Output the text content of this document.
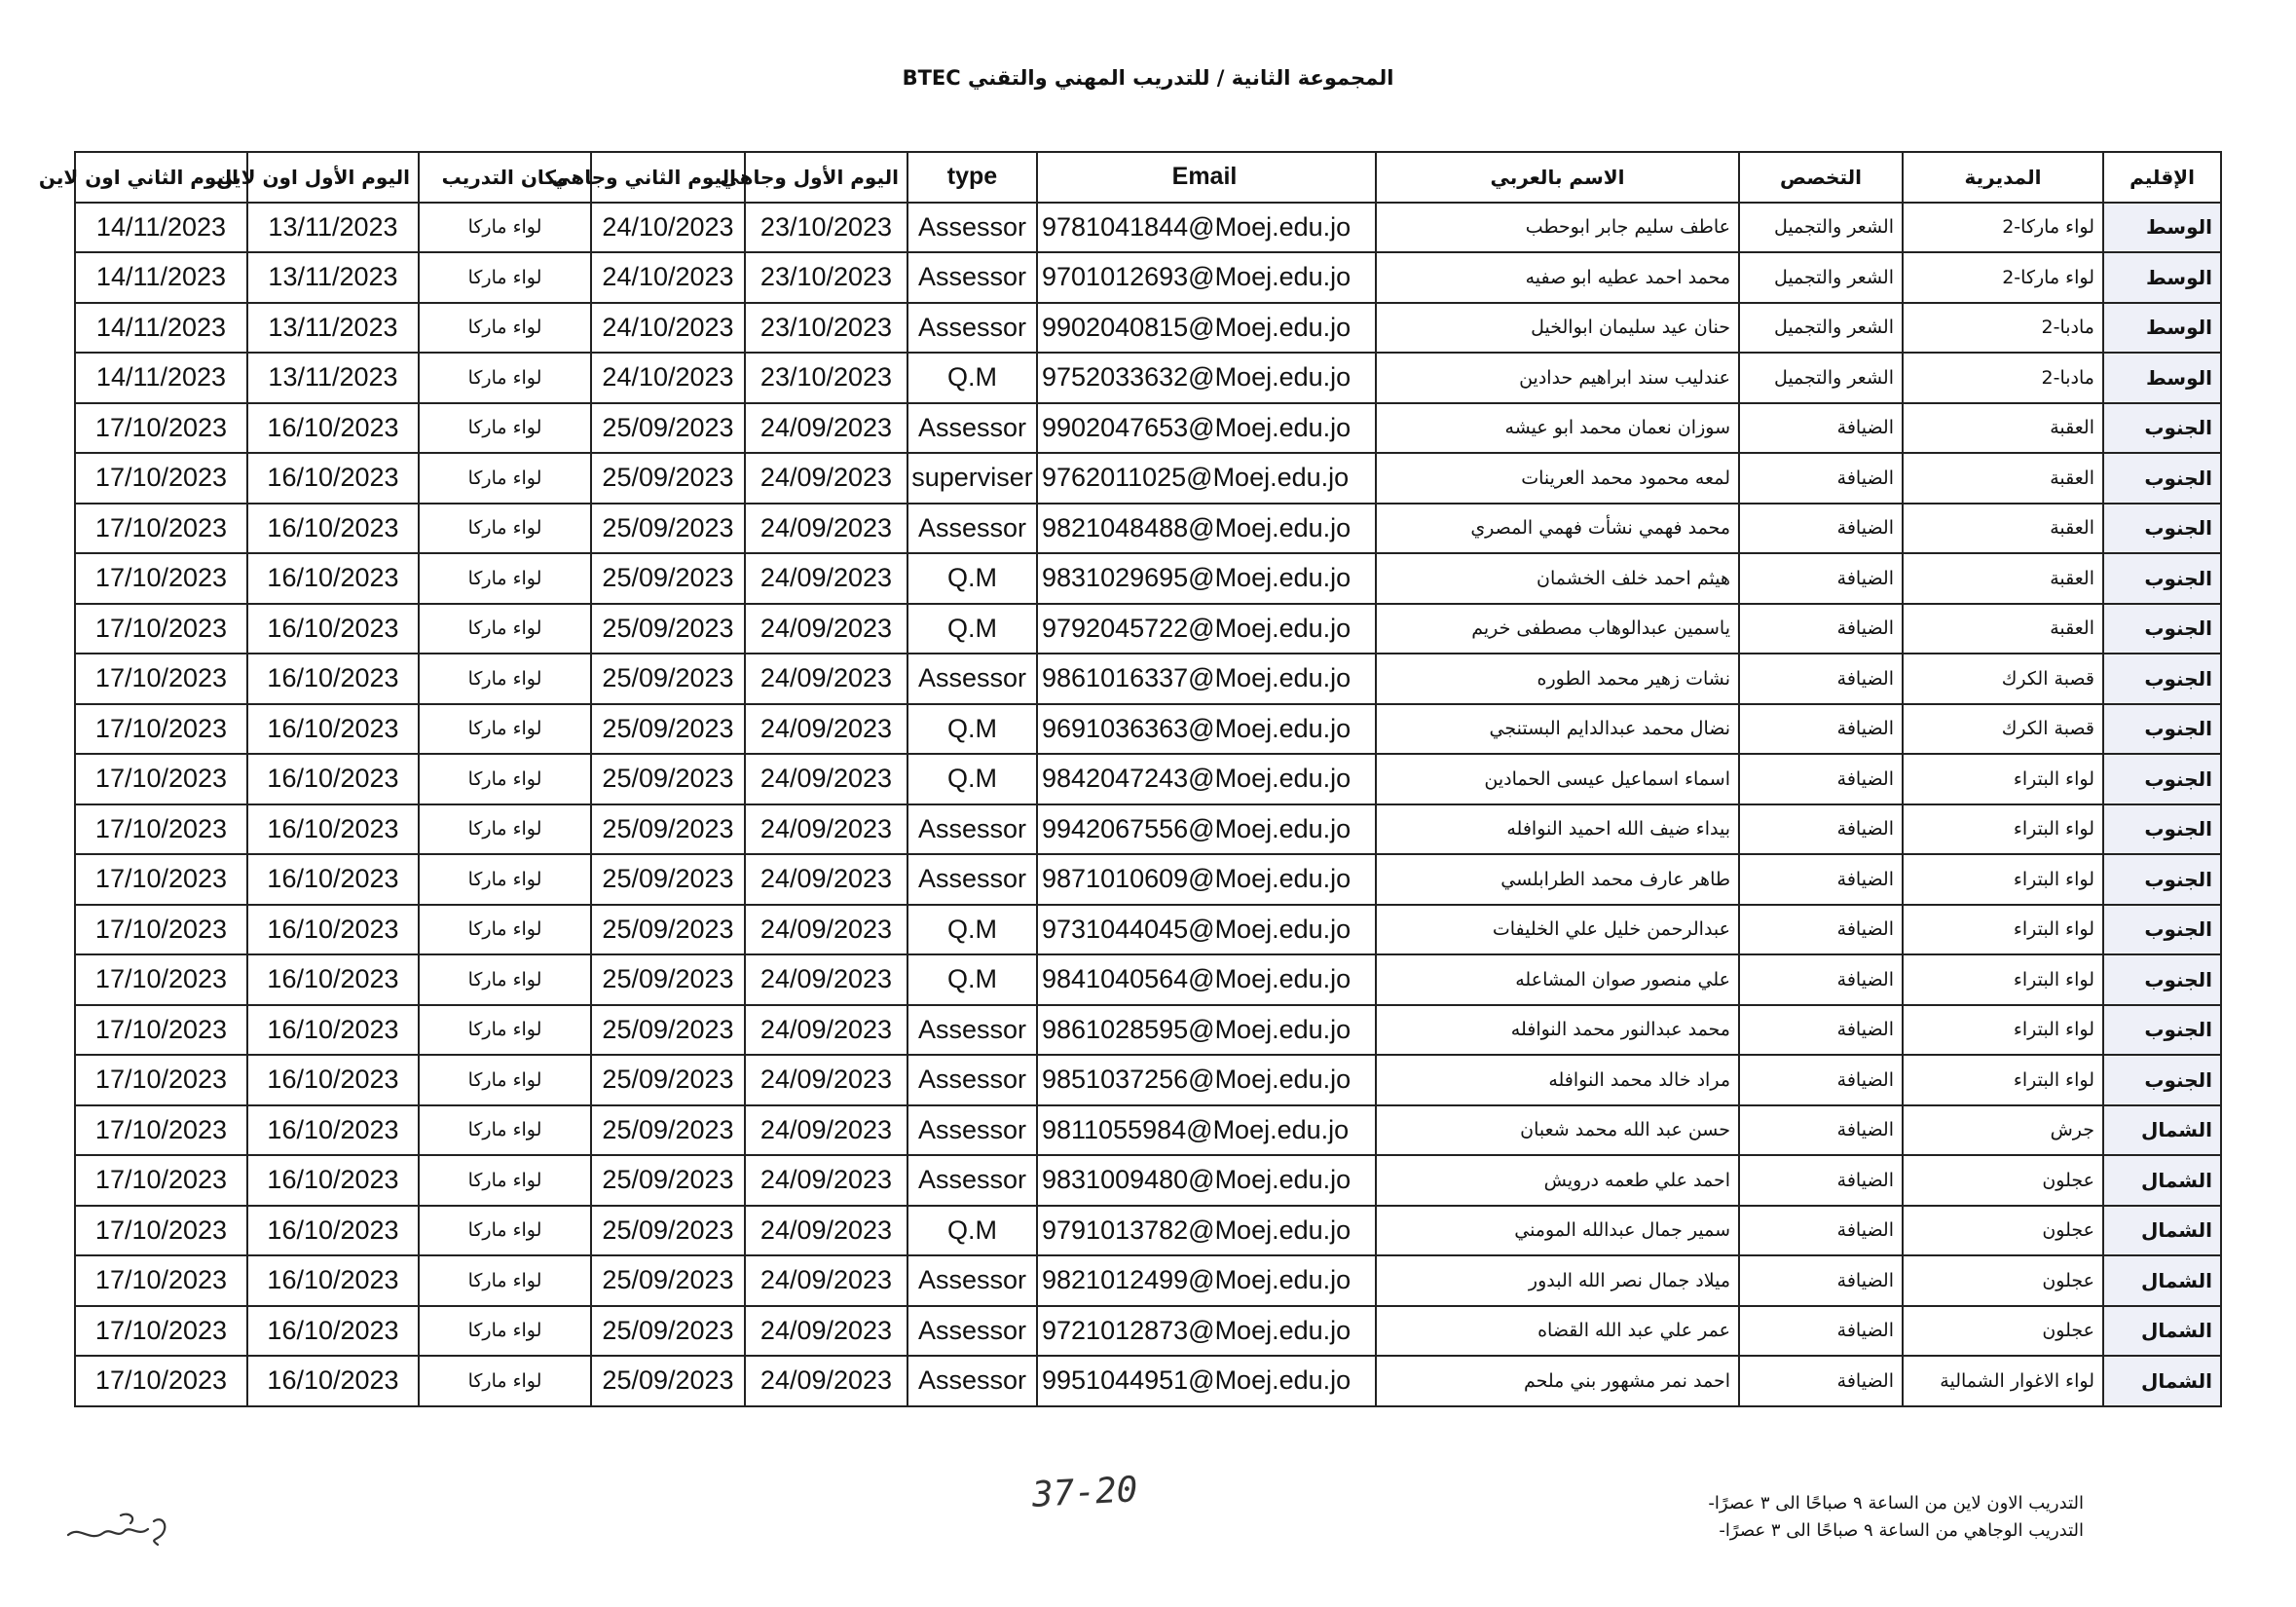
المجموعة الثانية / للتدريب المهني والتقني BTEC
اليوم الثاني اون لاين	اليوم الأول اون لاين	مكان التدريب	اليوم الثاني وجاهي	اليوم الأول وجاهي	type	Email	الاسم بالعربي	التخصص	المديرية	الإقليم
14/11/2023	13/11/2023	لواء ماركا	24/10/2023	23/10/2023	Assessor	9781041844@Moej.edu.jo	عاطف سليم جابر ابوحطب	الشعر والتجميل	لواء ماركا-2	الوسط
14/11/2023	13/11/2023	لواء ماركا	24/10/2023	23/10/2023	Assessor	9701012693@Moej.edu.jo	محمد احمد عطيه ابو صفيه	الشعر والتجميل	لواء ماركا-2	الوسط
14/11/2023	13/11/2023	لواء ماركا	24/10/2023	23/10/2023	Assessor	9902040815@Moej.edu.jo	حنان عيد سليمان ابوالخيل	الشعر والتجميل	مادبا-2	الوسط
14/11/2023	13/11/2023	لواء ماركا	24/10/2023	23/10/2023	Q.M	9752033632@Moej.edu.jo	عندليب سند ابراهيم حدادين	الشعر والتجميل	مادبا-2	الوسط
17/10/2023	16/10/2023	لواء ماركا	25/09/2023	24/09/2023	Assessor	9902047653@Moej.edu.jo	سوزان نعمان محمد ابو عيشه	الضيافة	العقبة	الجنوب
17/10/2023	16/10/2023	لواء ماركا	25/09/2023	24/09/2023	superviser	9762011025@Moej.edu.jo	لمعه محمود محمد العرينات	الضيافة	العقبة	الجنوب
17/10/2023	16/10/2023	لواء ماركا	25/09/2023	24/09/2023	Assessor	9821048488@Moej.edu.jo	محمد فهمي نشأت فهمي المصري	الضيافة	العقبة	الجنوب
17/10/2023	16/10/2023	لواء ماركا	25/09/2023	24/09/2023	Q.M	9831029695@Moej.edu.jo	هيثم احمد خلف الخشمان	الضيافة	العقبة	الجنوب
17/10/2023	16/10/2023	لواء ماركا	25/09/2023	24/09/2023	Q.M	9792045722@Moej.edu.jo	ياسمين عبدالوهاب مصطفى خريم	الضيافة	العقبة	الجنوب
17/10/2023	16/10/2023	لواء ماركا	25/09/2023	24/09/2023	Assessor	9861016337@Moej.edu.jo	نشات زهير محمد الطوره	الضيافة	قصبة الكرك	الجنوب
17/10/2023	16/10/2023	لواء ماركا	25/09/2023	24/09/2023	Q.M	9691036363@Moej.edu.jo	نضال محمد عبدالدايم البستنجي	الضيافة	قصبة الكرك	الجنوب
17/10/2023	16/10/2023	لواء ماركا	25/09/2023	24/09/2023	Q.M	9842047243@Moej.edu.jo	اسماء اسماعيل عيسى الحمادين	الضيافة	لواء البتراء	الجنوب
17/10/2023	16/10/2023	لواء ماركا	25/09/2023	24/09/2023	Assessor	9942067556@Moej.edu.jo	بيداء ضيف الله احميد النوافله	الضيافة	لواء البتراء	الجنوب
17/10/2023	16/10/2023	لواء ماركا	25/09/2023	24/09/2023	Assessor	9871010609@Moej.edu.jo	طاهر عارف محمد الطرابلسي	الضيافة	لواء البتراء	الجنوب
17/10/2023	16/10/2023	لواء ماركا	25/09/2023	24/09/2023	Q.M	9731044045@Moej.edu.jo	عبدالرحمن خليل علي الخليفات	الضيافة	لواء البتراء	الجنوب
17/10/2023	16/10/2023	لواء ماركا	25/09/2023	24/09/2023	Q.M	9841040564@Moej.edu.jo	علي منصور صوان المشاعله	الضيافة	لواء البتراء	الجنوب
17/10/2023	16/10/2023	لواء ماركا	25/09/2023	24/09/2023	Assessor	9861028595@Moej.edu.jo	محمد عبدالنور محمد النوافله	الضيافة	لواء البتراء	الجنوب
17/10/2023	16/10/2023	لواء ماركا	25/09/2023	24/09/2023	Assessor	9851037256@Moej.edu.jo	مراد خالد محمد النوافله	الضيافة	لواء البتراء	الجنوب
17/10/2023	16/10/2023	لواء ماركا	25/09/2023	24/09/2023	Assessor	9811055984@Moej.edu.jo	حسن عبد الله محمد شعبان	الضيافة	جرش	الشمال
17/10/2023	16/10/2023	لواء ماركا	25/09/2023	24/09/2023	Assessor	9831009480@Moej.edu.jo	احمد علي طعمه درويش	الضيافة	عجلون	الشمال
17/10/2023	16/10/2023	لواء ماركا	25/09/2023	24/09/2023	Q.M	9791013782@Moej.edu.jo	سمير جمال عبدالله المومني	الضيافة	عجلون	الشمال
17/10/2023	16/10/2023	لواء ماركا	25/09/2023	24/09/2023	Assessor	9821012499@Moej.edu.jo	ميلاد جمال نصر الله البدور	الضيافة	عجلون	الشمال
17/10/2023	16/10/2023	لواء ماركا	25/09/2023	24/09/2023	Assessor	9721012873@Moej.edu.jo	عمر علي عبد الله القضاه	الضيافة	عجلون	الشمال
17/10/2023	16/10/2023	لواء ماركا	25/09/2023	24/09/2023	Assessor	9951044951@Moej.edu.jo	احمد نمر مشهور بني ملحم	الضيافة	لواء الاغوار الشمالية	الشمال
التدريب الاون لاين من الساعة ٩ صباحًا الى ٣ عصرًا-
التدريب الوجاهي من الساعة ٩ صباحًا الى ٣ عصرًا-
37-20
